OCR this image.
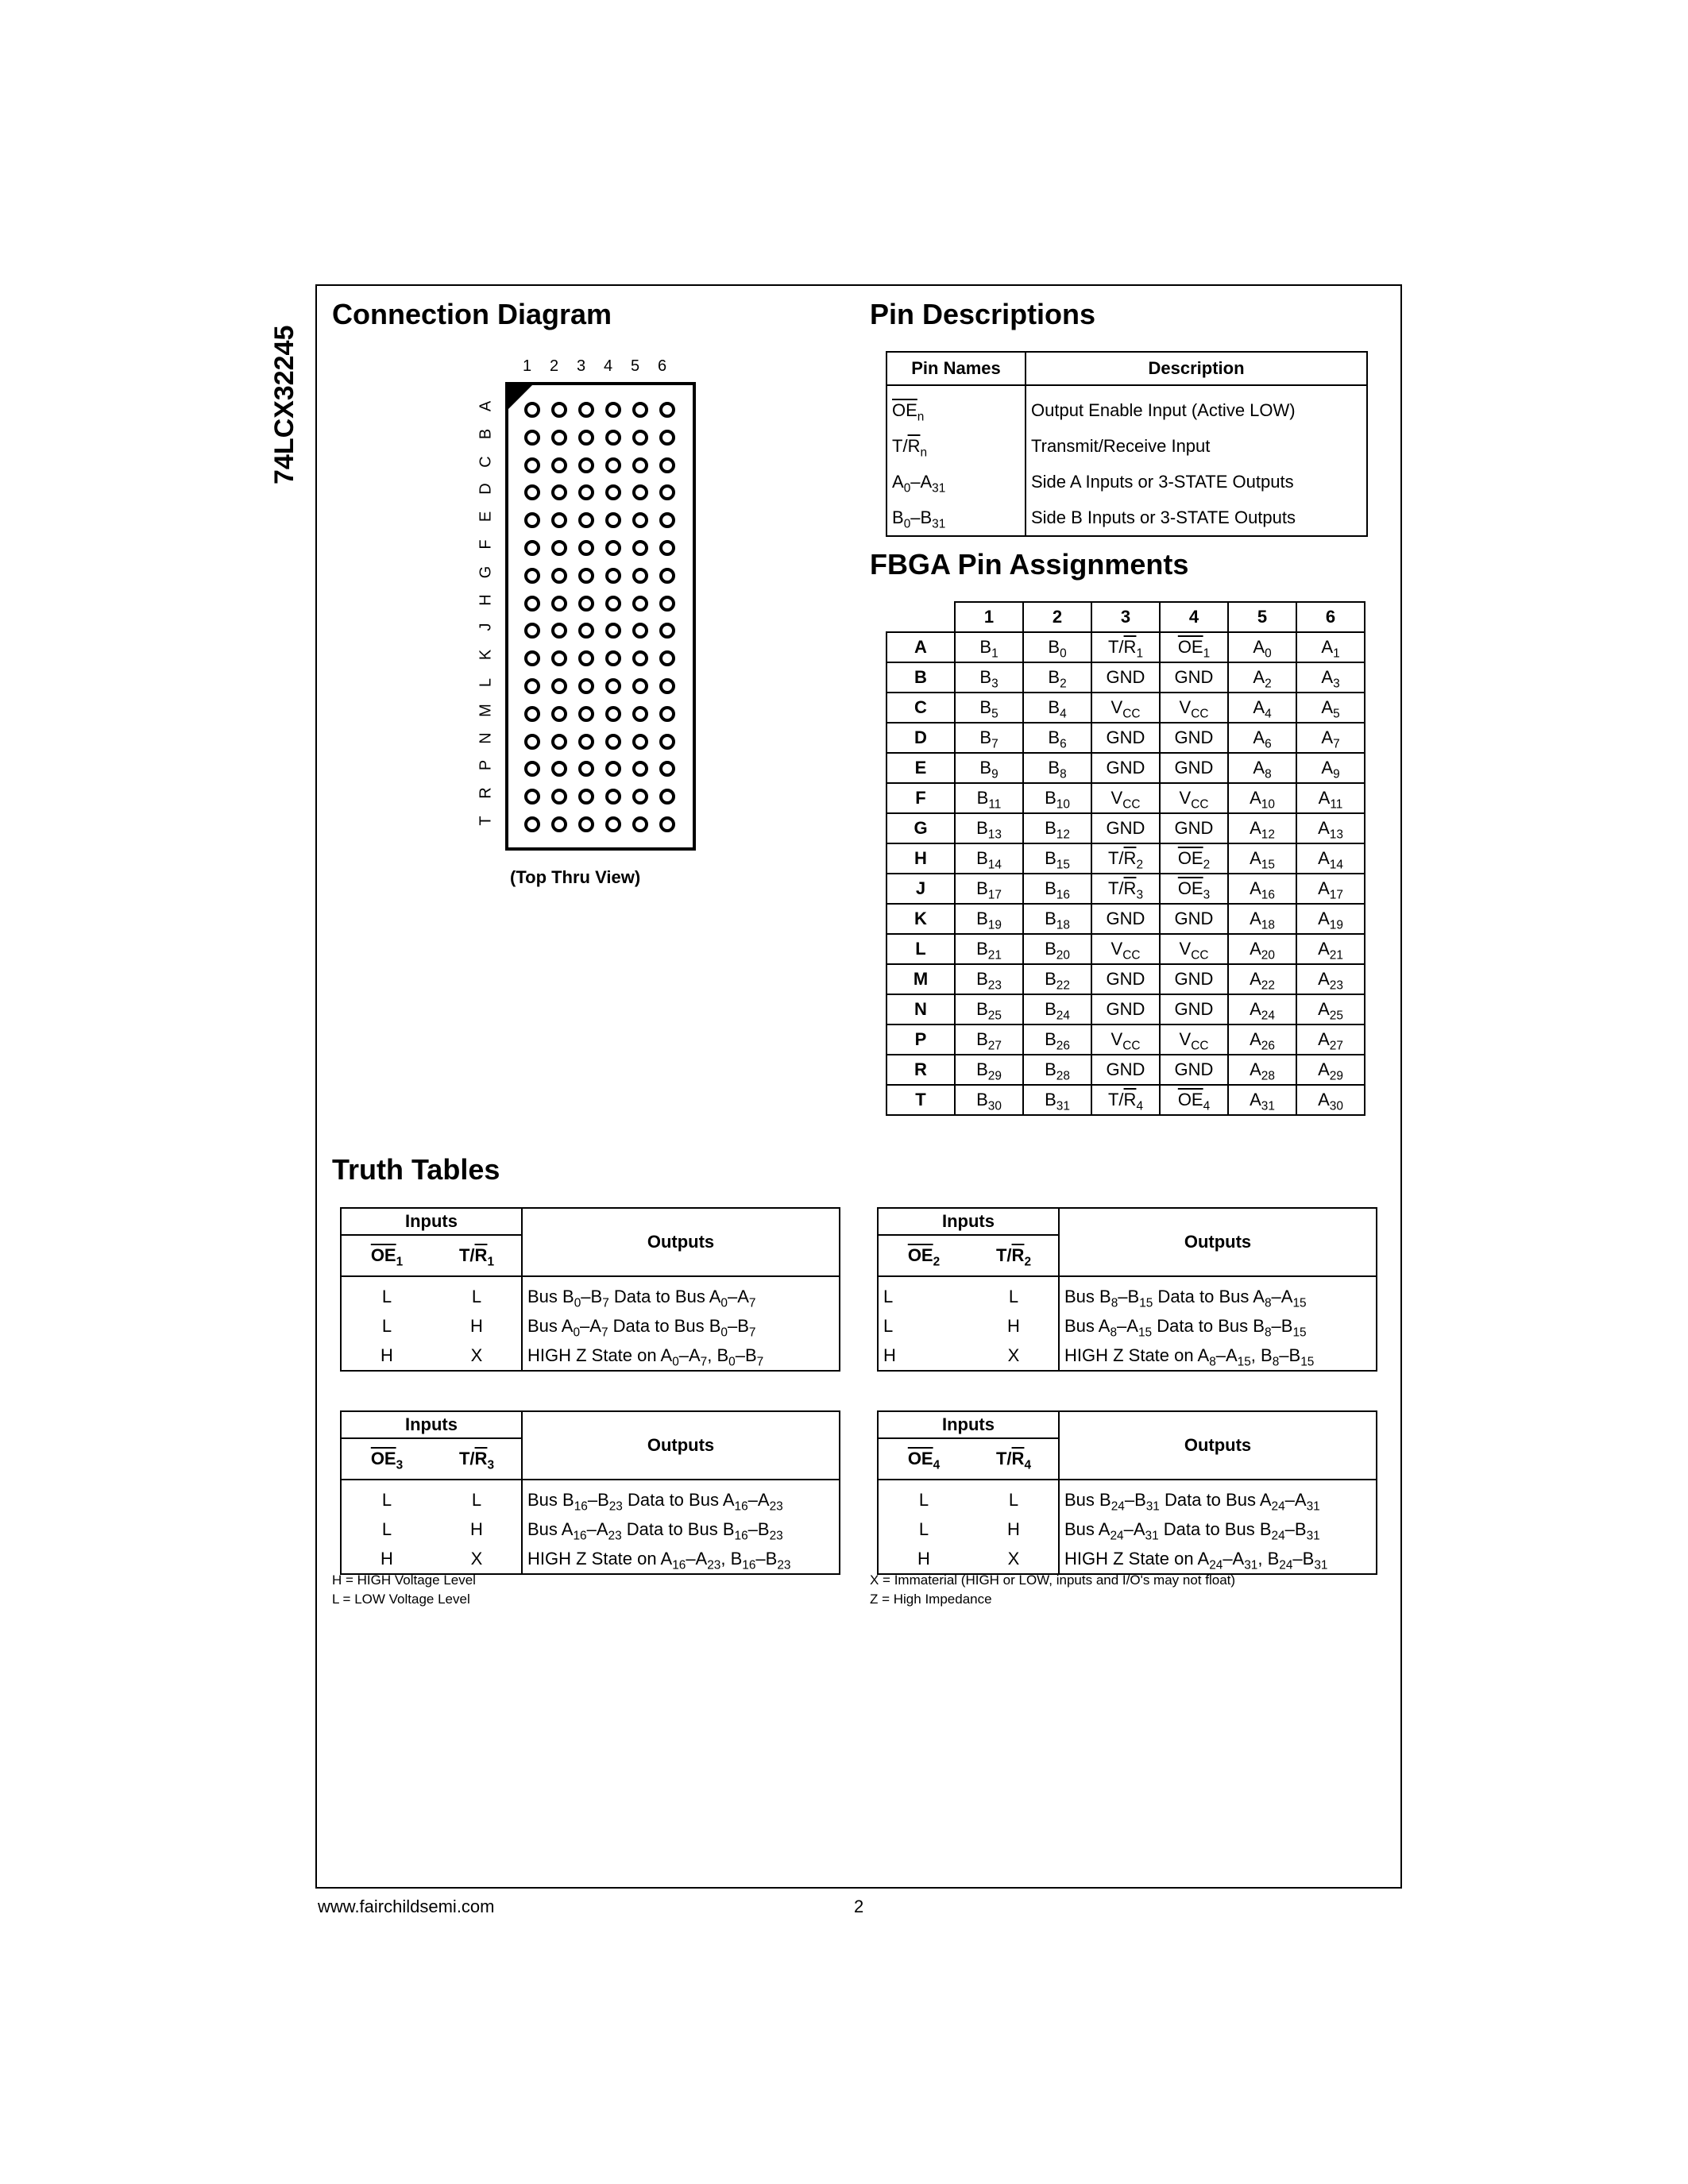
74LCX32245
Connection Diagram
1 2 3 4 5 6
A
B
C
D
E
F
G
H
J
K
L
M
N
P
R
T
(Top Thru View)
Pin Descriptions
Pin Names	Description
$\overline{OE}_n$	Output Enable Input (Active LOW)
$T/\overline{R}_n$	Transmit/Receive Input
$A_0-A_{31}$	Side A Inputs or 3-STATE Outputs
$B_0-B_{31}$	Side B Inputs or 3-STATE Outputs
FBGA Pin Assignments
	1	2	3	4	5	6
A	$B_1$	$B_0$	$T/\overline{R}_1$	$\overline{OE}_1$	$A_0$	$A_1$
B	$B_3$	$B_2$	GND	GND	$A_2$	$A_3$
C	$B_5$	$B_4$	$V_{CC}$	$V_{CC}$	$A_4$	$A_5$
D	$B_7$	$B_6$	GND	GND	$A_6$	$A_7$
E	$B_9$	$B_8$	GND	GND	$A_8$	$A_9$
F	$B_{11}$	$B_{10}$	$V_{CC}$	$V_{CC}$	$A_{10}$	$A_{11}$
G	$B_{13}$	$B_{12}$	GND	GND	$A_{12}$	$A_{13}$
H	$B_{14}$	$B_{15}$	$T/\overline{R}_2$	$\overline{OE}_2$	$A_{15}$	$A_{14}$
J	$B_{17}$	$B_{16}$	$T/\overline{R}_3$	$\overline{OE}_3$	$A_{16}$	$A_{17}$
K	$B_{19}$	$B_{18}$	GND	GND	$A_{18}$	$A_{19}$
L	$B_{21}$	$B_{20}$	$V_{CC}$	$V_{CC}$	$A_{20}$	$A_{21}$
M	$B_{23}$	$B_{22}$	GND	GND	$A_{22}$	$A_{23}$
N	$B_{25}$	$B_{24}$	GND	GND	$A_{24}$	$A_{25}$
P	$B_{27}$	$B_{26}$	$V_{CC}$	$V_{CC}$	$A_{26}$	$A_{27}$
R	$B_{29}$	$B_{28}$	GND	GND	$A_{28}$	$A_{29}$
T	$B_{30}$	$B_{31}$	$T/\overline{R}_4$	$\overline{OE}_4$	$A_{31}$	$A_{30}$
Truth Tables
Inputs		Outputs
$\overline{OE}_1$	$T/\overline{R}_1$
L	L	Bus $B_0-B_7$ Data to Bus $A_0-A_7$
L	H	Bus $A_0-A_7$ Data to Bus $B_0-B_7$
H	X	HIGH Z State on $A_0-A_7$, $B_0-B_7$
Inputs		Outputs
$\overline{OE}_2$	$T/\overline{R}_2$
L	L	Bus $B_8-B_{15}$ Data to Bus $A_8-A_{15}$
L	H	Bus $A_8-A_{15}$ Data to Bus $B_8-B_{15}$
H	X	HIGH Z State on $A_8-A_{15}$, $B_8-B_{15}$
Inputs		Outputs
$\overline{OE}_3$	$T/\overline{R}_3$
L	L	Bus $B_{16}-B_{23}$ Data to Bus $A_{16}-A_{23}$
L	H	Bus $A_{16}-A_{23}$ Data to Bus $B_{16}-B_{23}$
H	X	HIGH Z State on $A_{16}-A_{23}$, $B_{16}-B_{23}$
Inputs		Outputs
$\overline{OE}_4$	$T/\overline{R}_4$
L	L	Bus $B_{24}-B_{31}$ Data to Bus $A_{24}-A_{31}$
L	H	Bus $A_{24}-A_{31}$ Data to Bus $B_{24}-B_{31}$
H	X	HIGH Z State on $A_{24}-A_{31}$, $B_{24}-B_{31}$
H = HIGH Voltage Level
L = LOW Voltage Level
X = Immaterial (HIGH or LOW, inputs and I/O's may not float)
Z = High Impedance
www.fairchildsemi.com	2
